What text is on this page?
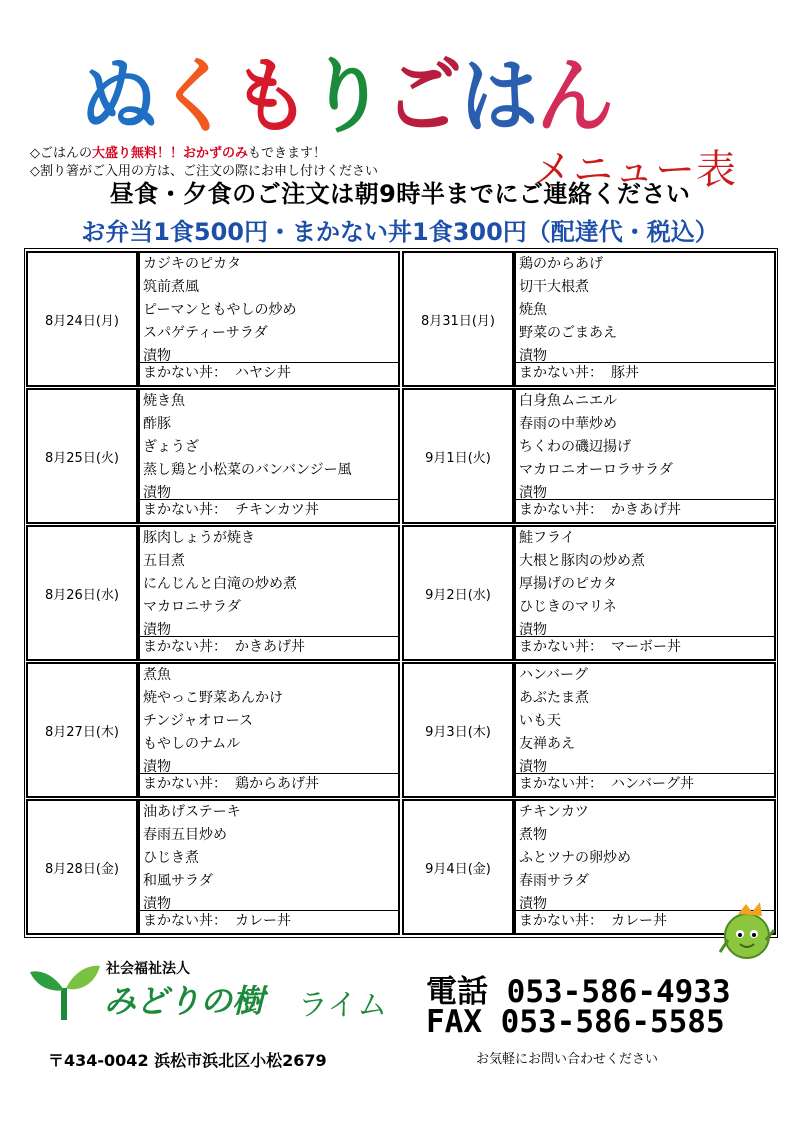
ぬくもりごはん
メニュー表
◇ごはんの大盛り無料！！おかずのみもできます！
◇割り箸がご入用の方は、ご注文の際にお申し付けください
昼食・夕食のご注文は朝9時半までにご連絡ください
お弁当1食500円・まかない丼1食300円（配達代・税込）
8月24日(月)
カジキのピカタ
筑前煮風
ピーマンともやしの炒め
スパゲティーサラダ
漬物
まかない丼： ハヤシ丼
8月25日(火)
焼き魚
酢豚
ぎょうざ
蒸し鶏と小松菜のバンバンジー風
漬物
まかない丼： チキンカツ丼
8月26日(水)
豚肉しょうが焼き
五目煮
にんじんと白滝の炒め煮
マカロニサラダ
漬物
まかない丼： かきあげ丼
8月27日(木)
煮魚
焼やっこ野菜あんかけ
チンジャオロース
もやしのナムル
漬物
まかない丼： 鶏からあげ丼
8月28日(金)
油あげステーキ
春雨五目炒め
ひじき煮
和風サラダ
漬物
まかない丼： カレー丼
8月31日(月)
鶏のからあげ
切干大根煮
焼魚
野菜のごまあえ
漬物
まかない丼： 豚丼
9月1日(火)
白身魚ムニエル
春雨の中華炒め
ちくわの磯辺揚げ
マカロニオーロラサラダ
漬物
まかない丼： かきあげ丼
9月2日(水)
鮭フライ
大根と豚肉の炒め煮
厚揚げのピカタ
ひじきのマリネ
漬物
まかない丼： マーボー丼
9月3日(木)
ハンバーグ
あぶたま煮
いも天
友禅あえ
漬物
まかない丼： ハンバーグ丼
9月4日(金)
チキンカツ
煮物
ふとツナの卵炒め
春雨サラダ
漬物
まかない丼： カレー丼
社会福祉法人
みどりの樹 ライム 電話 053-586-4933
FAX 053-586-5585
〒434-0042 浜松市浜北区小松2679	お気軽にお問い合わせください
